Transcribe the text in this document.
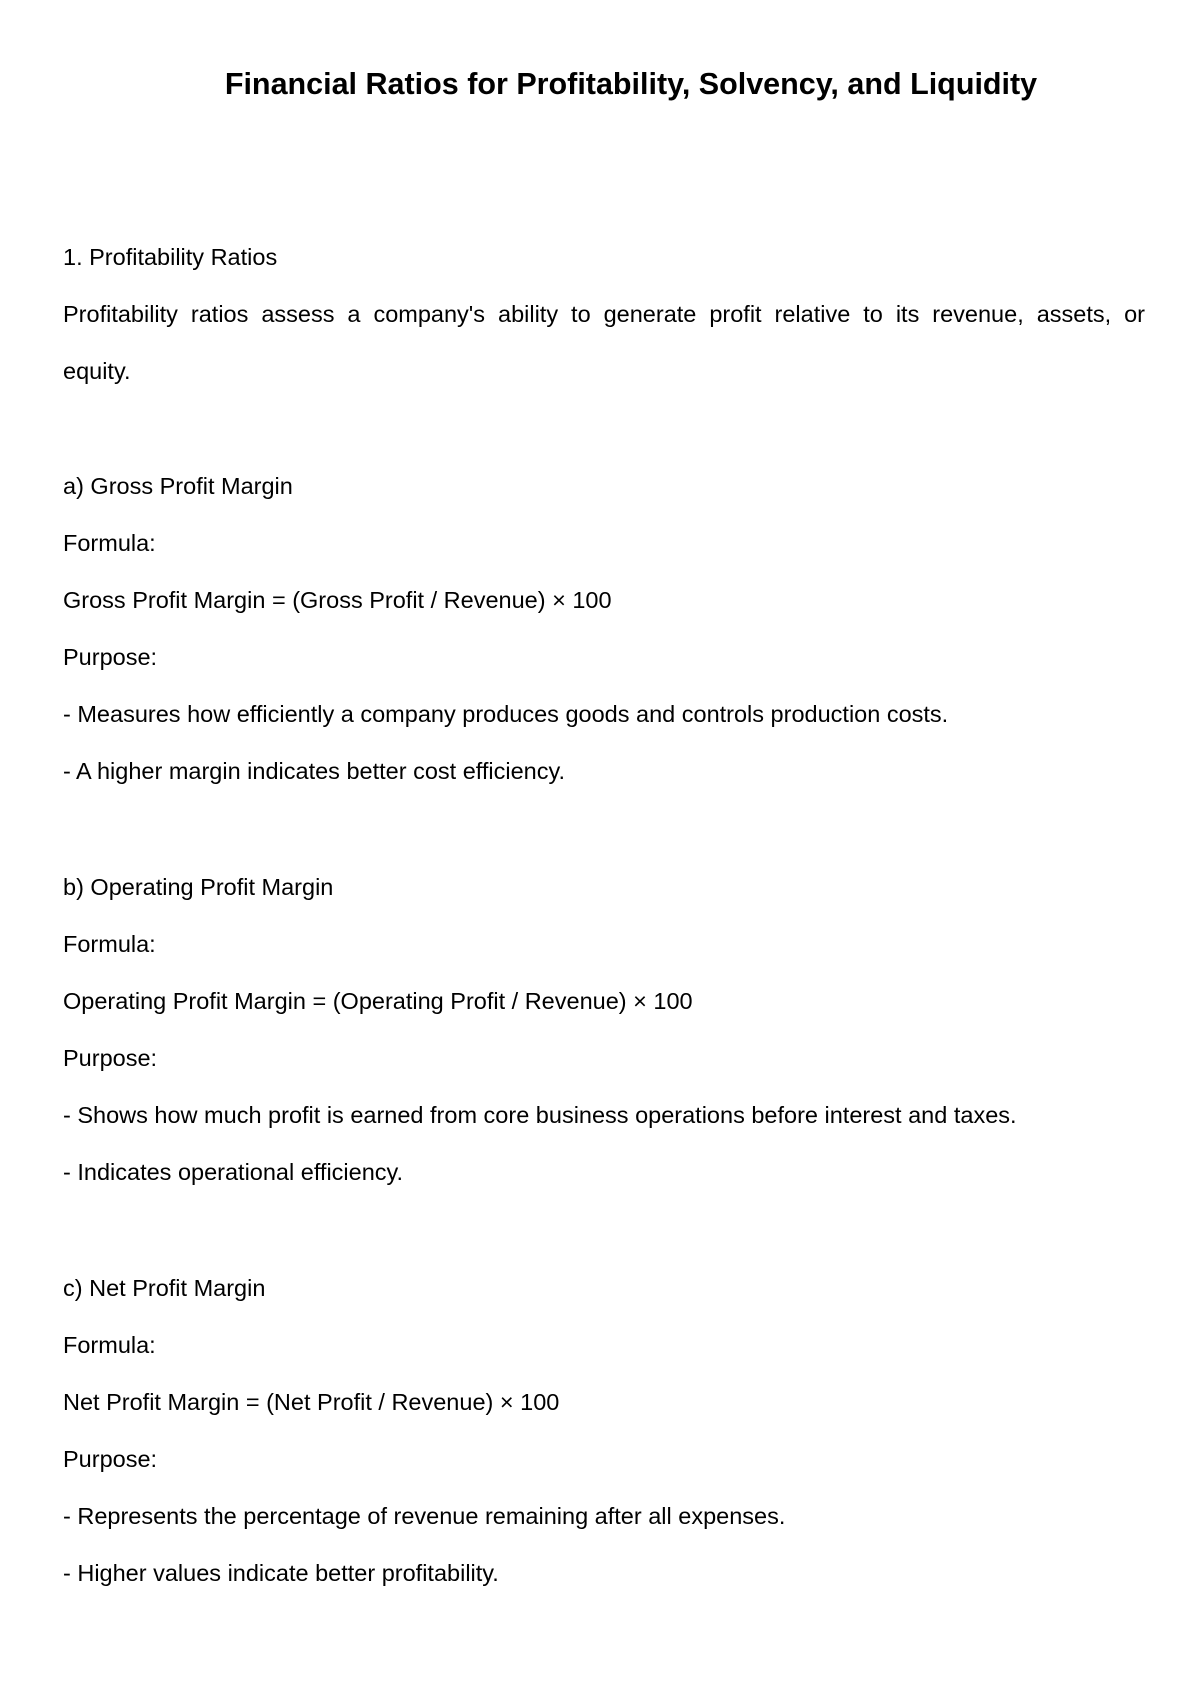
Financial Ratios for Profitability, Solvency, and Liquidity

1. Profitability Ratios

Profitability ratios assess a company's ability to generate profit relative to its revenue, assets, or

equity.

a) Gross Profit Margin

Formula:

Gross Profit Margin = (Gross Profit / Revenue) × 100

Purpose:

- Measures how efficiently a company produces goods and controls production costs.

- A higher margin indicates better cost efficiency.

b) Operating Profit Margin

Formula:

Operating Profit Margin = (Operating Profit / Revenue) × 100

Purpose:

- Shows how much profit is earned from core business operations before interest and taxes.

- Indicates operational efficiency.

c) Net Profit Margin

Formula:

Net Profit Margin = (Net Profit / Revenue) × 100

Purpose:

- Represents the percentage of revenue remaining after all expenses.

- Higher values indicate better profitability.
